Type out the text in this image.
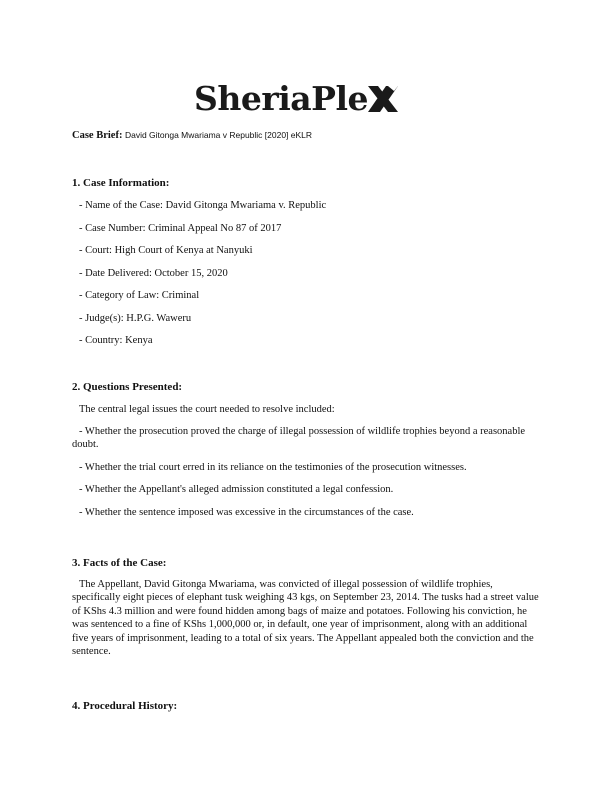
SheriaPle
Case Brief: David Gitonga Mwariama v Republic [2020] eKLR

1. Case Information:

- Name of the Case: David Gitonga Mwariama v. Republic

- Case Number: Criminal Appeal No 87 of 2017

- Court: High Court of Kenya at Nanyuki

- Date Delivered: October 15, 2020

- Category of Law: Criminal

- Judge(s): H.P.G. Waweru

- Country: Kenya

2. Questions Presented:

The central legal issues the court needed to resolve included:

- Whether the prosecution proved the charge of illegal possession of wildlife trophies beyond a reasonable doubt.

- Whether the trial court erred in its reliance on the testimonies of the prosecution witnesses.

- Whether the Appellant's alleged admission constituted a legal confession.

- Whether the sentence imposed was excessive in the circumstances of the case.

3. Facts of the Case:

The Appellant, David Gitonga Mwariama, was convicted of illegal possession of wildlife trophies, specifically eight pieces of elephant tusk weighing 43 kgs, on September 23, 2014. The tusks had a street value of KShs 4.3 million and were found hidden among bags of maize and potatoes. Following his conviction, he was sentenced to a fine of KShs 1,000,000 or, in default, one year of imprisonment, along with an additional five years of imprisonment, leading to a total of six years. The Appellant appealed both the conviction and the sentence.

4. Procedural History:
